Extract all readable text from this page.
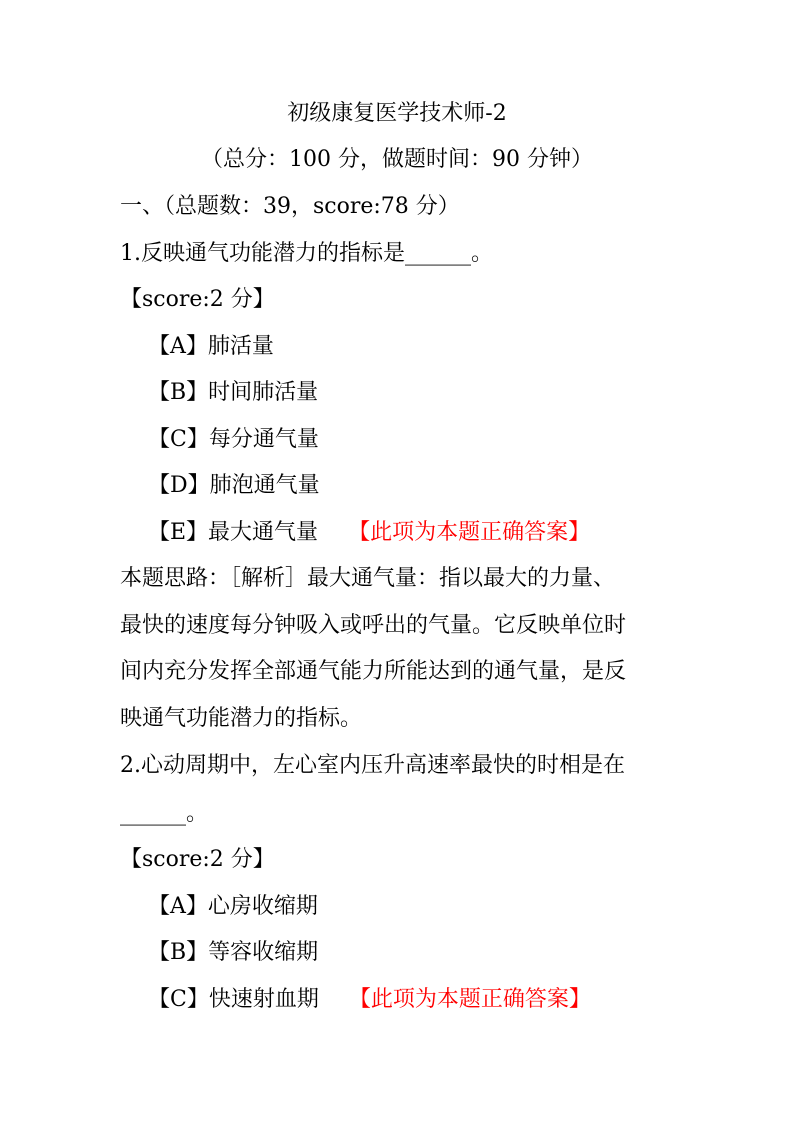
初级康复医学技术师-2
（总分：100 分，做题时间：90 分钟）
一、（总题数：39，score:78 分）
1.反映通气功能潜力的指标是______。
【score:2 分】
【A】肺活量
【B】时间肺活量
【C】每分通气量
【D】肺泡通气量
【E】最大通气量 【此项为本题正确答案】
本题思路：［解析］最大通气量：指以最大的力量、
最快的速度每分钟吸入或呼出的气量。它反映单位时
间内充分发挥全部通气能力所能达到的通气量，是反
映通气功能潜力的指标。
2.心动周期中，左心室内压升高速率最快的时相是在
______。
【score:2 分】
【A】心房收缩期
【B】等容收缩期
【C】快速射血期 【此项为本题正确答案】
